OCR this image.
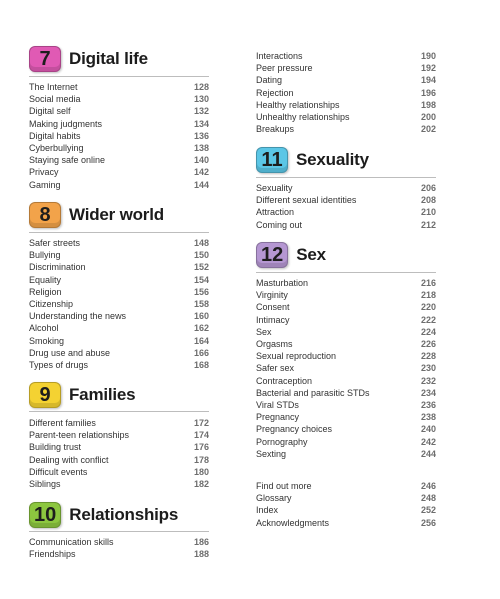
7	Digital life
The Internet	128
Social media	130
Digital self	132
Making judgments	134
Digital habits	136
Cyberbullying	138
Staying safe online	140
Privacy	142
Gaming	144
8	Wider world
Safer streets	148
Bullying	150
Discrimination	152
Equality	154
Religion	156
Citizenship	158
Understanding the news	160
Alcohol	162
Smoking	164
Drug use and abuse	166
Types of drugs	168
9	Families
Different families	172
Parent-teen relationships	174
Building trust	176
Dealing with conflict	178
Difficult events	180
Siblings	182
10 Relationships
Communication skills	186
Friendships	188
Interactions	190
Peer pressure	192
Dating	194
Rejection	196
Healthy relationships	198
Unhealthy relationships	200
Breakups	202
11 Sexuality
Sexuality	206
Different sexual identities	208
Attraction	210
Coming out	212
12 Sex
Masturbation	216
Virginity	218
Consent	220
Intimacy	222
Sex	224
Orgasms	226
Sexual reproduction	228
Safer sex	230
Contraception	232
Bacterial and parasitic STDs	234
Viral STDs	236
Pregnancy	238
Pregnancy choices	240
Pornography	242
Sexting	244
Find out more	246
Glossary	248
Index	252
Acknowledgments	256
